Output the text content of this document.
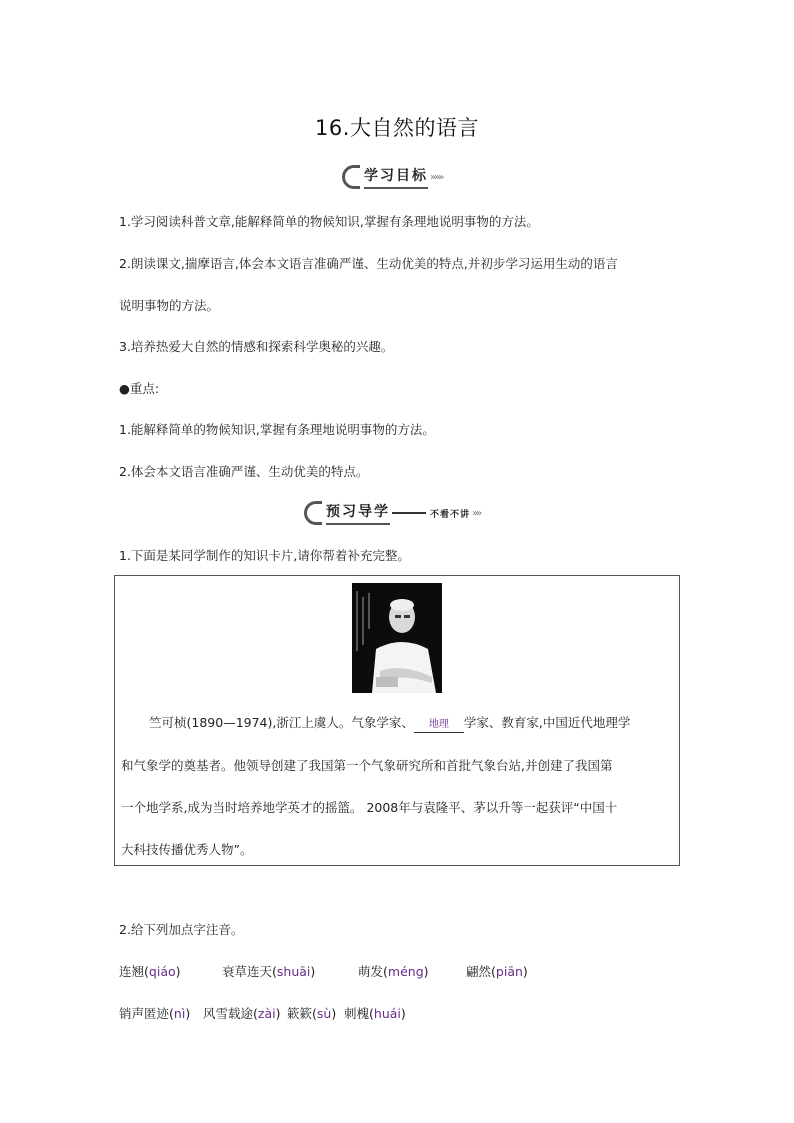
16.大自然的语言
学习目标 »»»
1.学习阅读科普文章,能解释简单的物候知识,掌握有条理地说明事物的方法。
2.朗读课文,揣摩语言,体会本文语言准确严谨、生动优美的特点,并初步学习运用生动的语言
说明事物的方法。
3.培养热爱大自然的情感和探索科学奥秘的兴趣。
●重点:
1.能解释简单的物候知识,掌握有条理地说明事物的方法。
2.体会本文语言准确严谨、生动优美的特点。
预习导学	不看不讲 »»
1.下面是某同学制作的知识卡片,请你帮着补充完整。
竺可桢(1890—1974),浙江上虞人。气象学家、 地理 学家、教育家,中国近代地理学
和气象学的奠基者。他领导创建了我国第一个气象研究所和首批气象台站,并创建了我国第
一个地学系,成为当时培养地学英才的摇篮。 2008年与袁隆平、茅以升等一起获评“中国十
大科技传播优秀人物”。
2.给下列加点字注音。
连翘(qiáo)	衰草连天(shuāi)	萌发(méng)	翩然(piān)
销声匿迹(nì) 风雪载途(zài) 簌簌(sù) 刺槐(huái)
